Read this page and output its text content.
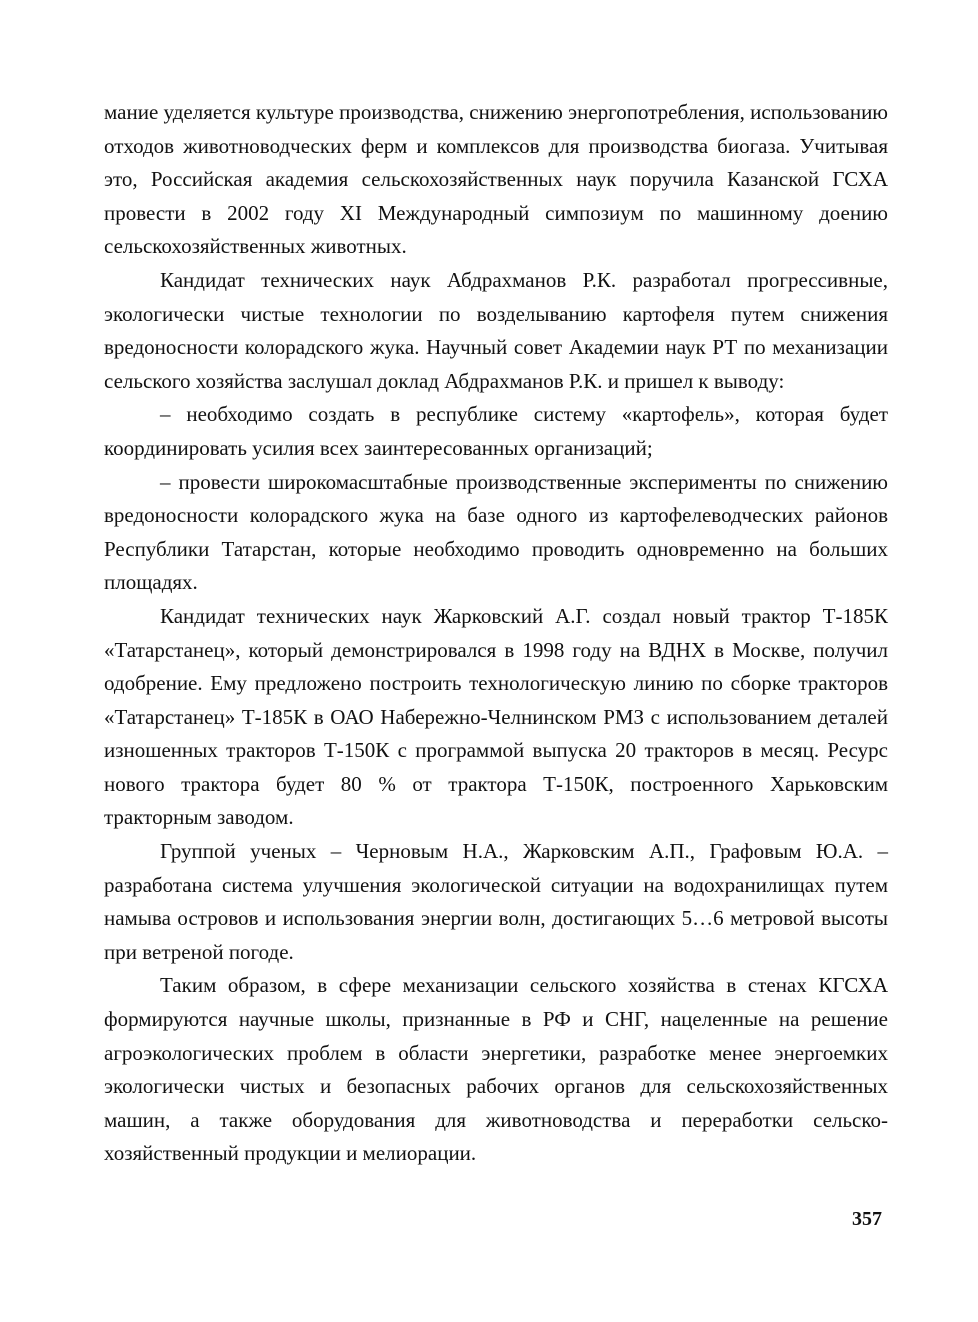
мание уделяется культуре производства, снижению энергопотребления, использованию отходов животноводческих ферм и комплексов для производства биогаза. Учитывая это, Российская академия сельскохозяйственных наук поручила Казанской ГСХА провести в 2002 году XI Международный симпозиум по машинному доению сельскохозяйственных животных.

Кандидат технических наук Абдрахманов Р.К. разработал прогрессивные, экологически чистые технологии по возделыванию картофеля путем снижения вредоносности колорадского жука. Научный совет Академии наук РТ по механизации сельского хозяйства заслушал доклад Абдрахманов Р.К. и пришел к выводу:

– необходимо создать в республике систему «картофель», которая будет координировать усилия всех заинтересованных организаций;

– провести широкомасштабные производственные эксперименты по снижению вредоносности колорадского жука на базе одного из картофелеводческих районов Республики Татарстан, которые необходимо проводить одновременно на больших площадях.

Кандидат технических наук Жарковский А.Г. создал новый трактор Т-185К «Татарстанец», который демонстрировался в 1998 году на ВДНХ в Москве, получил одобрение. Ему предложено построить технологическую линию по сборке тракторов «Татарстанец» Т-185К в ОАО Набережно-Челнинском РМЗ с использованием деталей изношенных тракторов Т-150К с программой выпуска 20 тракторов в месяц. Ресурс нового трактора будет 80 % от трактора Т-150К, построенного Харьковским тракторным заводом.

Группой ученых – Черновым Н.А., Жарковским А.П., Графовым Ю.А. – разработана система улучшения экологической ситуации на водохранилищах путем намыва островов и использования энергии волн, достигающих 5…6 метровой высоты при ветреной погоде.

Таким образом, в сфере механизации сельского хозяйства в стенах КГСХА формируются научные школы, признанные в РФ и СНГ, нацеленные на решение агроэкологических проблем в области энергетики, разработке менее энергоемких экологически чистых и безопасных рабочих органов для сельскохозяйственных машин, а также оборудования для животноводства и переработки сельскохозяйственный продукции и мелиорации.

357
